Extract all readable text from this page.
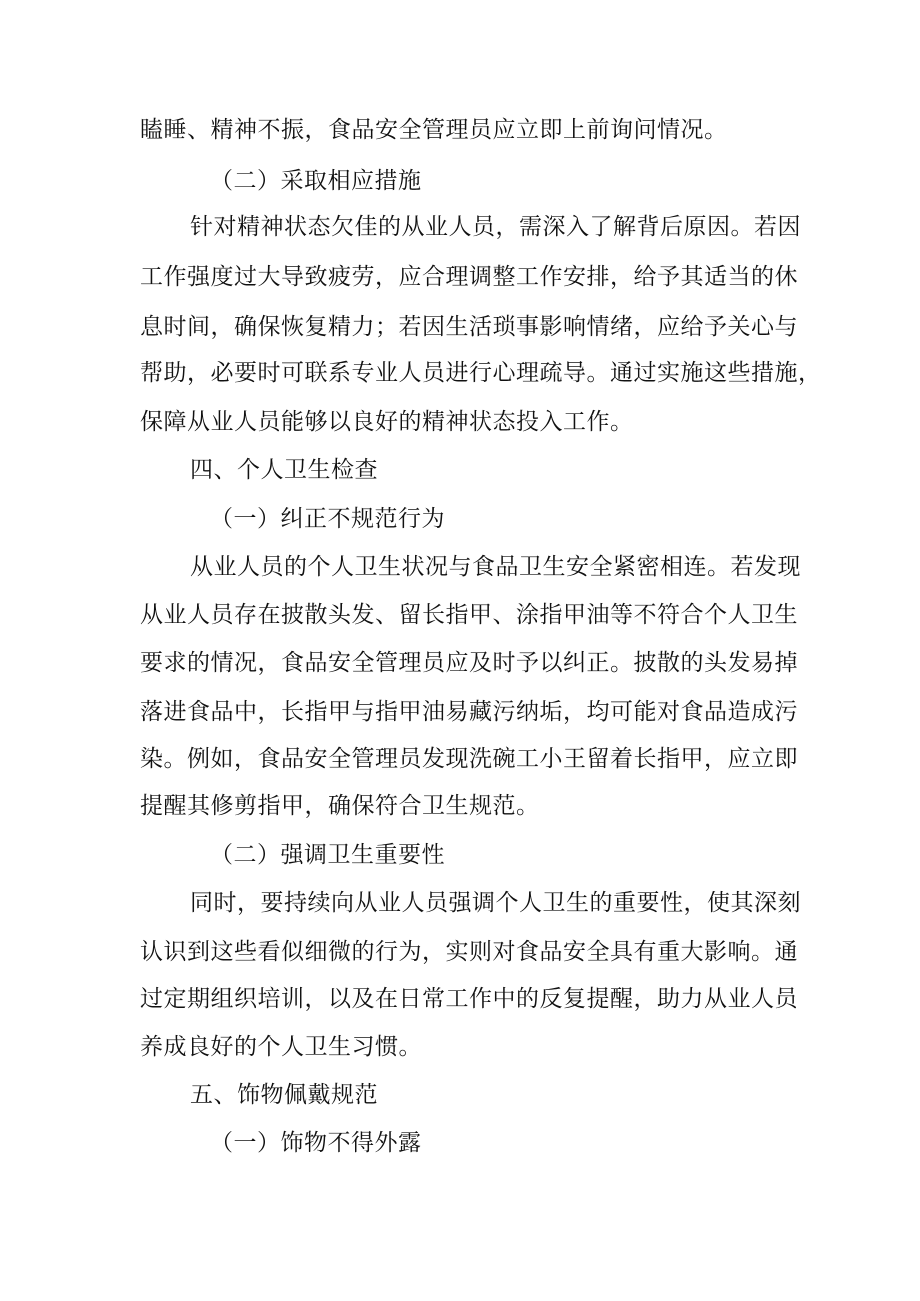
瞌睡、精神不振，食品安全管理员应立即上前询问情况。

（二）采取相应措施

针对精神状态欠佳的从业人员，需深入了解背后原因。若因

工作强度过大导致疲劳，应合理调整工作安排，给予其适当的休

息时间，确保恢复精力；若因生活琐事影响情绪，应给予关心与

帮助，必要时可联系专业人员进行心理疏导。通过实施这些措施，

保障从业人员能够以良好的精神状态投入工作。

四、个人卫生检查

（一）纠正不规范行为

从业人员的个人卫生状况与食品卫生安全紧密相连。若发现

从业人员存在披散头发、留长指甲、涂指甲油等不符合个人卫生

要求的情况，食品安全管理员应及时予以纠正。披散的头发易掉

落进食品中，长指甲与指甲油易藏污纳垢，均可能对食品造成污

染。例如，食品安全管理员发现洗碗工小王留着长指甲，应立即

提醒其修剪指甲，确保符合卫生规范。

（二）强调卫生重要性

同时，要持续向从业人员强调个人卫生的重要性，使其深刻

认识到这些看似细微的行为，实则对食品安全具有重大影响。通

过定期组织培训，以及在日常工作中的反复提醒，助力从业人员

养成良好的个人卫生习惯。

五、饰物佩戴规范

（一）饰物不得外露
